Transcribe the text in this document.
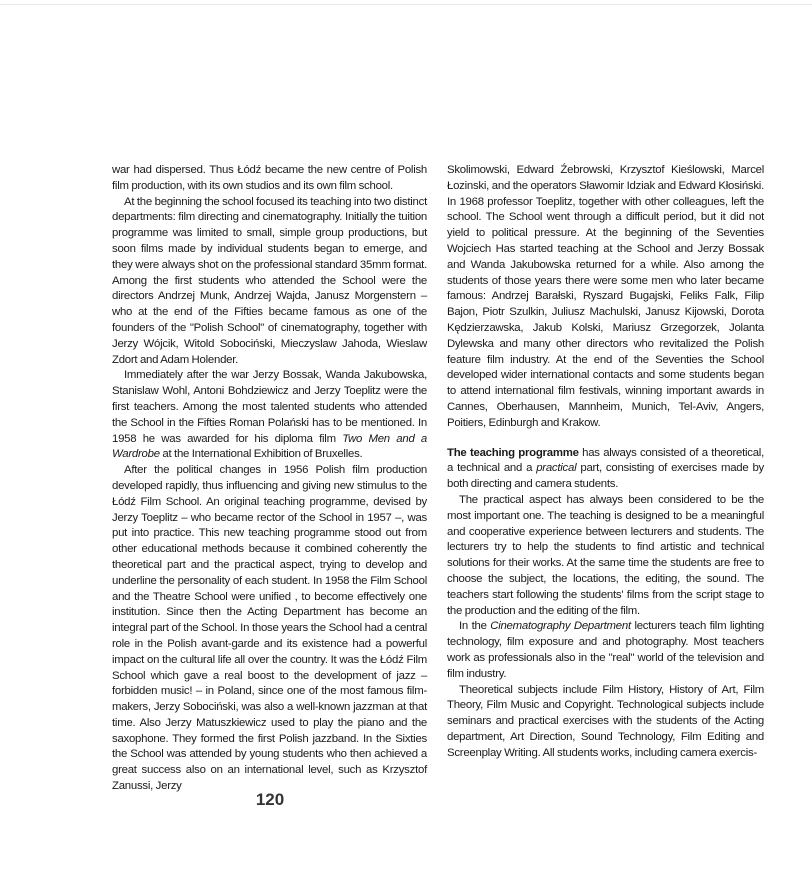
war had dispersed. Thus Łódź became the new centre of Polish film production, with its own studios and its own film school.

At the beginning the school focused its teaching into two distinct departments: film directing and cinematography. Initially the tuition programme was limited to small, simple group productions, but soon films made by individual students began to emerge, and they were always shot on the professional standard 35mm format. Among the first students who attended the School were the directors Andrzej Munk, Andrzej Wajda, Janusz Morgenstern – who at the end of the Fifties became famous as one of the founders of the "Polish School" of cinematography, together with Jerzy Wójcik, Witold Sobociński, Mieczyslaw Jahoda, Wieslaw Zdort and Adam Holender.

Immediately after the war Jerzy Bossak, Wanda Jakubowska, Stanislaw Wohl, Antoni Bohdziewicz and Jerzy Toeplitz were the first teachers. Among the most talented students who attended the School in the Fifties Roman Polański has to be mentioned. In 1958 he was awarded for his diploma film Two Men and a Wardrobe at the International Exhibition of Bruxelles.

After the political changes in 1956 Polish film production developed rapidly, thus influencing and giving new stimulus to the Łódź Film School. An original teaching programme, devised by Jerzy Toeplitz – who became rector of the School in 1957 –, was put into practice. This new teaching programme stood out from other educational methods because it combined coherently the theoretical part and the practical aspect, trying to develop and underline the personality of each student. In 1958 the Film School and the Theatre School were unified , to become effectively one institution. Since then the Acting Department has become an integral part of the School. In those years the School had a central role in the Polish avant-garde and its existence had a powerful impact on the cultural life all over the country. It was the Łódź Film School which gave a real boost to the development of jazz – forbidden music! – in Poland, since one of the most famous film-makers, Jerzy Sobociński, was also a well-known jazzman at that time. Also Jerzy Matuszkiewicz used to play the piano and the saxophone. They formed the first Polish jazzband. In the Sixties the School was attended by young students who then achieved a great success also on an international level, such as Krzysztof Zanussi, Jerzy

Skolimowski, Edward Źebrowski, Krzysztof Kieślowski, Marcel Łozinski, and the operators Sławomir Idziak and Edward Kłosiński. In 1968 professor Toeplitz, together with other colleagues, left the school. The School went through a difficult period, but it did not yield to political pressure. At the beginning of the Seventies Wojciech Has started teaching at the School and Jerzy Bossak and Wanda Jakubowska returned for a while. Also among the students of those years there were some men who later became famous: Andrzej Barałski, Ryszard Bugajski, Feliks Falk, Filip Bajon, Piotr Szulkin, Juliusz Machulski, Janusz Kijowski, Dorota Kędzierzawska, Jakub Kolski, Mariusz Grzegorzek, Jolanta Dylewska and many other directors who revitalized the Polish feature film industry. At the end of the Seventies the School developed wider international contacts and some students began to attend international film festivals, winning important awards in Cannes, Oberhausen, Mannheim, Munich, Tel-Aviv, Angers, Poitiers, Edinburgh and Krakow.

The teaching programme has always consisted of a theoretical, a technical and a practical part, consisting of exercises made by both directing and camera students.

The practical aspect has always been considered to be the most important one. The teaching is designed to be a meaningful and cooperative experience between lecturers and students. The lecturers try to help the students to find artistic and technical solutions for their works. At the same time the students are free to choose the subject, the locations, the editing, the sound. The teachers start following the students' films from the script stage to the production and the editing of the film.

In the Cinematography Department lecturers teach film lighting technology, film exposure and and photography. Most teachers work as professionals also in the "real" world of the television and film industry.

Theoretical subjects include Film History, History of Art, Film Theory, Film Music and Copyright. Technological subjects include seminars and practical exercises with the students of the Acting department, Art Direction, Sound Technology, Film Editing and Screenplay Writing. All students works, including camera exercis-

120
